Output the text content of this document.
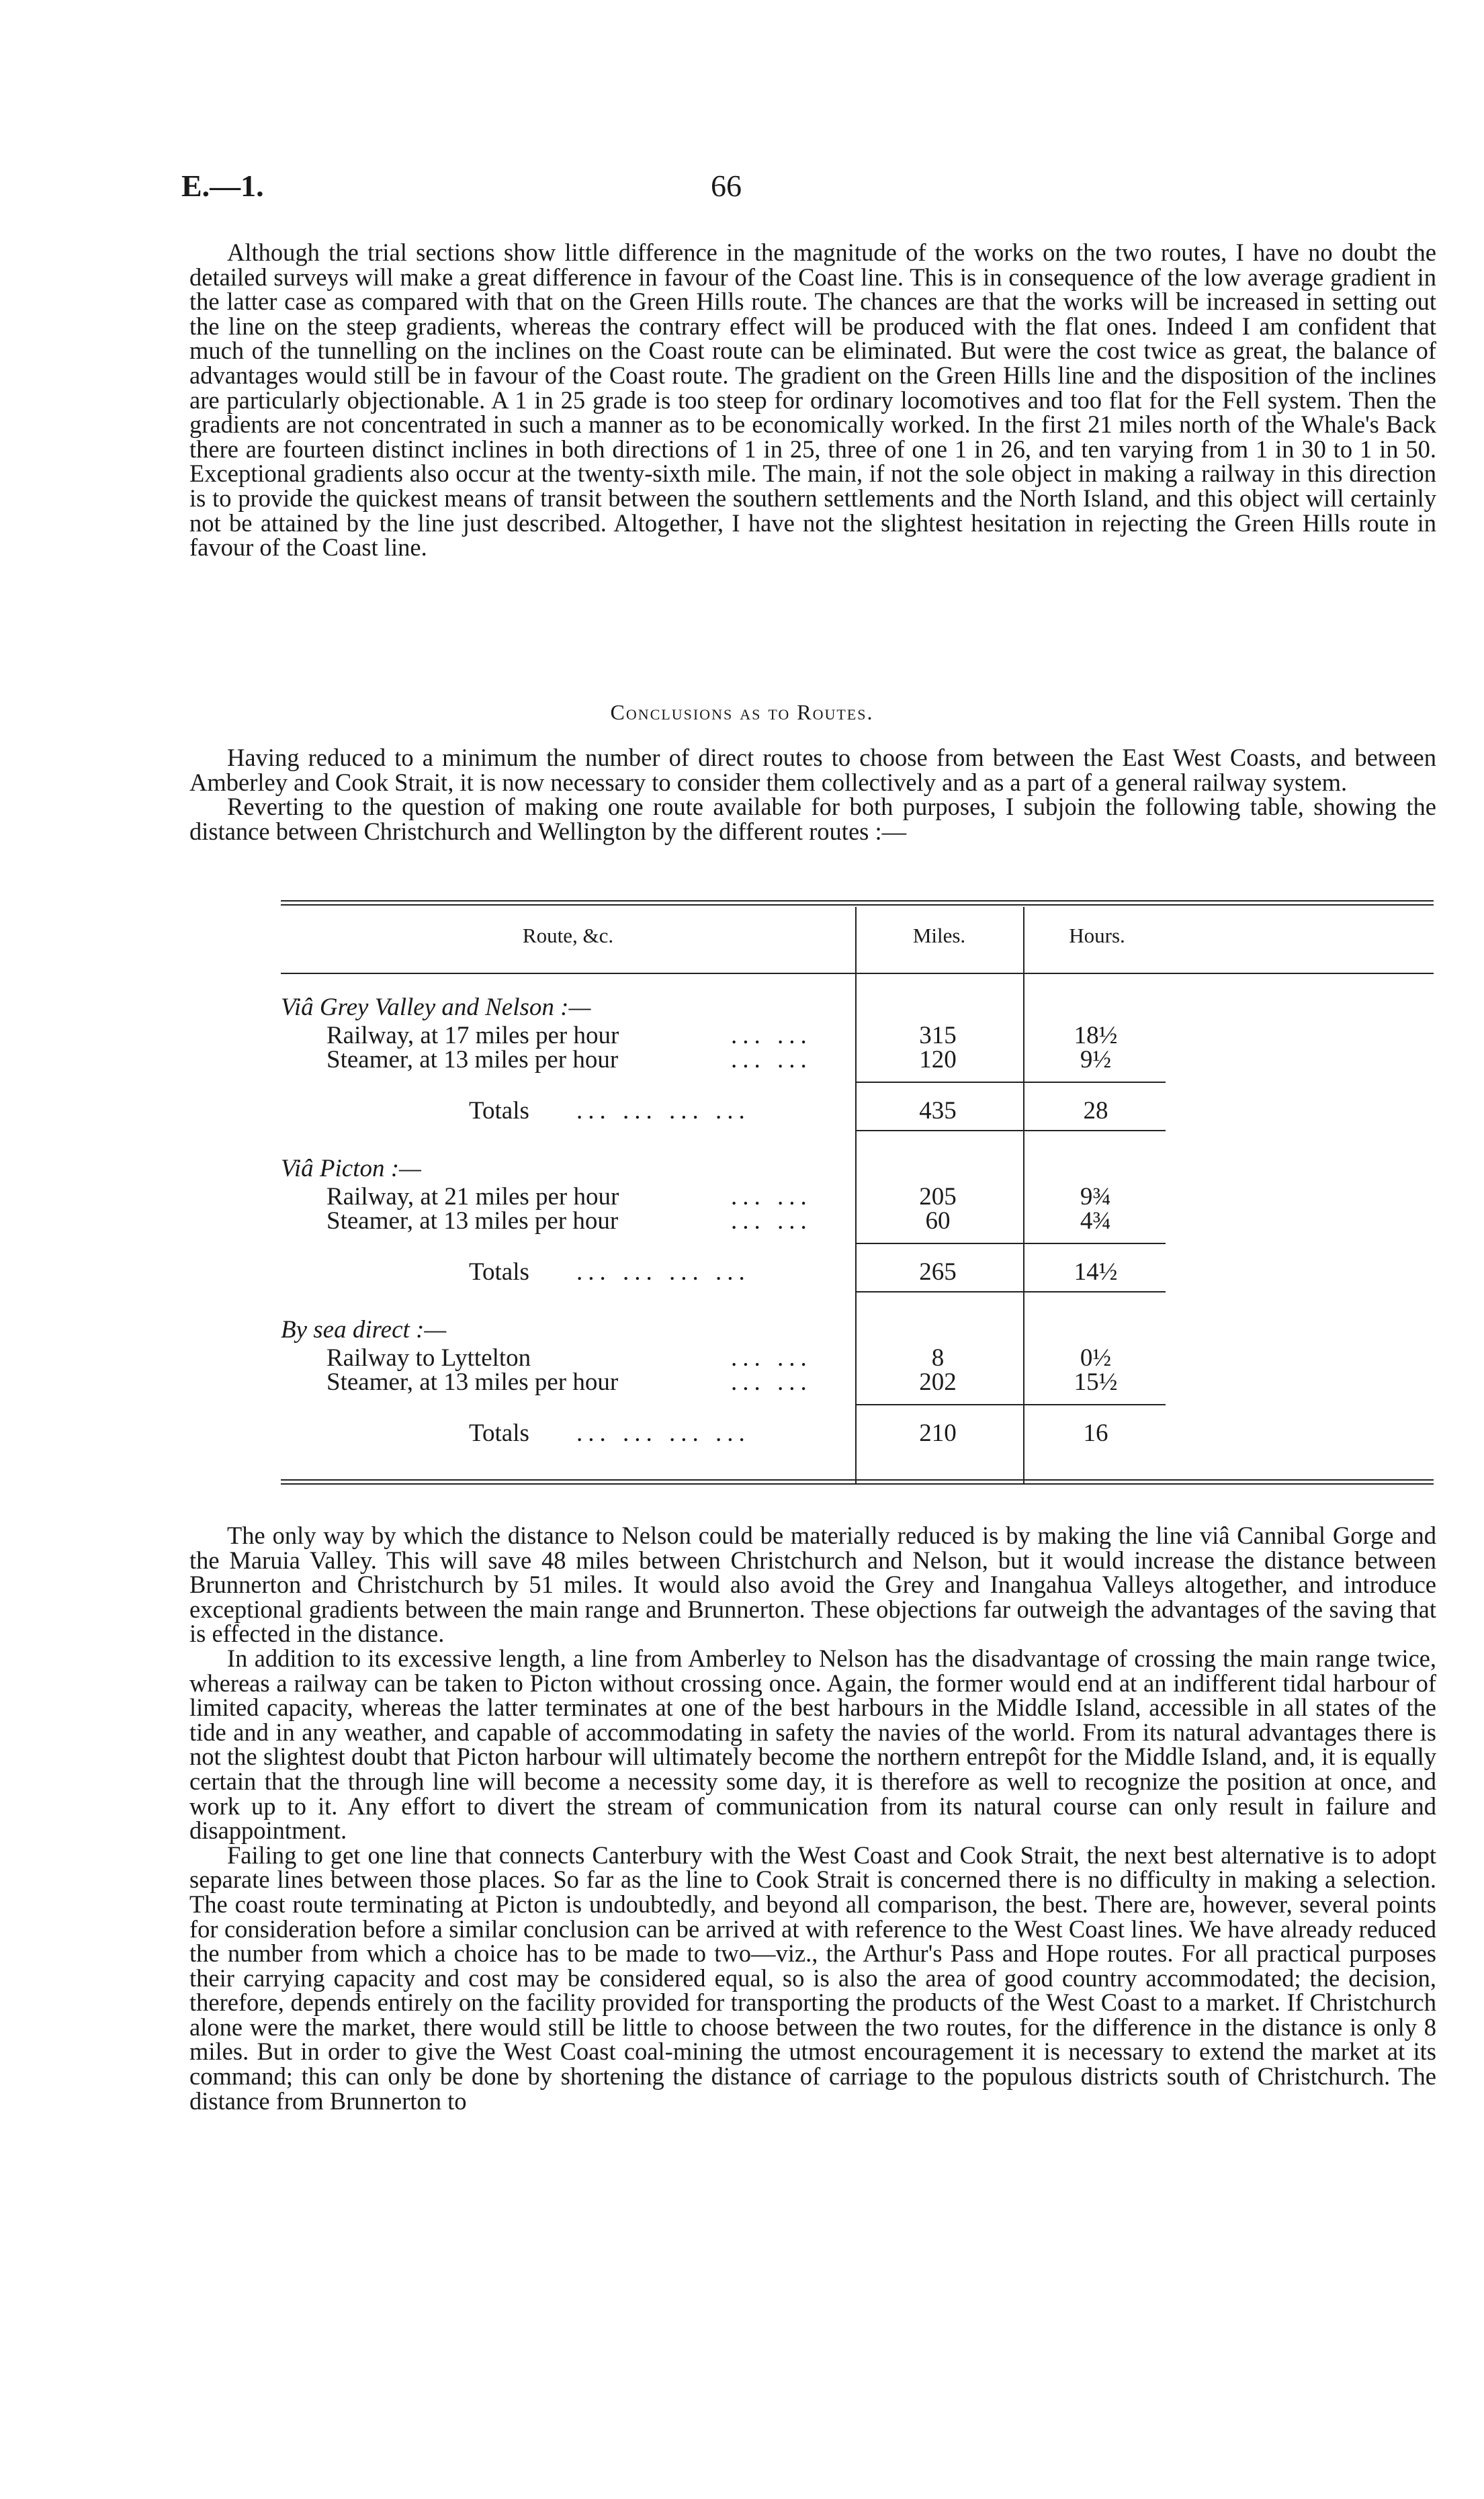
E.—1.	66

Although the trial sections show little difference in the magnitude of the works on the two routes, I have no doubt the detailed surveys will make a great difference in favour of the Coast line. This is in consequence of the low average gradient in the latter case as compared with that on the Green Hills route. The chances are that the works will be increased in setting out the line on the steep gradients, whereas the contrary effect will be produced with the flat ones. Indeed I am confident that much of the tunnelling on the inclines on the Coast route can be eliminated. But were the cost twice as great, the balance of advantages would still be in favour of the Coast route. The gradient on the Green Hills line and the disposition of the inclines are particularly objectionable. A 1 in 25 grade is too steep for ordinary locomotives and too flat for the Fell system. Then the gradients are not concentrated in such a manner as to be economically worked. In the first 21 miles north of the Whale's Back there are fourteen distinct inclines in both directions of 1 in 25, three of one 1 in 26, and ten varying from 1 in 30 to 1 in 50. Exceptional gradients also occur at the twenty-sixth mile. The main, if not the sole object in making a railway in this direction is to provide the quickest means of transit between the southern settlements and the North Island, and this object will certainly not be attained by the line just described. Altogether, I have not the slightest hesitation in rejecting the Green Hills route in favour of the Coast line.

Conclusions as to Routes.

Having reduced to a minimum the number of direct routes to choose from between the East West Coasts, and between Amberley and Cook Strait, it is now necessary to consider them collectively and as a part of a general railway system.

Reverting to the question of making one route available for both purposes, I subjoin the following table, showing the distance between Christchurch and Wellington by the different routes :—

Route, &c.	Miles.	Hours.
Viâ Grey Valley and Nelson :—
Railway, at 17 miles per hour	... ...	315	18½
Steamer, at 13 miles per hour	... ...	120	9½
Totals ... ... ... ...	435	28
Viâ Picton :—
Railway, at 21 miles per hour	... ...	205	9¾
Steamer, at 13 miles per hour	... ...	60	4¾
Totals ... ... ... ...	265	14½
By sea direct :—
Railway to Lyttelton	... ...	8	0½
Steamer, at 13 miles per hour	... ...	202	15½
Totals ... ... ... ...	210	16

The only way by which the distance to Nelson could be materially reduced is by making the line viâ Cannibal Gorge and the Maruia Valley. This will save 48 miles between Christchurch and Nelson, but it would increase the distance between Brunnerton and Christchurch by 51 miles. It would also avoid the Grey and Inangahua Valleys altogether, and introduce exceptional gradients between the main range and Brunnerton. These objections far outweigh the advantages of the saving that is effected in the distance.

In addition to its excessive length, a line from Amberley to Nelson has the disadvantage of crossing the main range twice, whereas a railway can be taken to Picton without crossing once. Again, the former would end at an indifferent tidal harbour of limited capacity, whereas the latter terminates at one of the best harbours in the Middle Island, accessible in all states of the tide and in any weather, and capable of accommodating in safety the navies of the world. From its natural advantages there is not the slightest doubt that Picton harbour will ultimately become the northern entrepôt for the Middle Island, and, it is equally certain that the through line will become a necessity some day, it is therefore as well to recognize the position at once, and work up to it. Any effort to divert the stream of communication from its natural course can only result in failure and disappointment.

Failing to get one line that connects Canterbury with the West Coast and Cook Strait, the next best alternative is to adopt separate lines between those places. So far as the line to Cook Strait is concerned there is no difficulty in making a selection. The coast route terminating at Picton is undoubtedly, and beyond all comparison, the best. There are, however, several points for consideration before a similar conclusion can be arrived at with reference to the West Coast lines. We have already reduced the number from which a choice has to be made to two—viz., the Arthur's Pass and Hope routes. For all practical purposes their carrying capacity and cost may be considered equal, so is also the area of good country accommodated; the decision, therefore, depends entirely on the facility provided for transporting the products of the West Coast to a market. If Christchurch alone were the market, there would still be little to choose between the two routes, for the difference in the distance is only 8 miles. But in order to give the West Coast coal-mining the utmost encouragement it is necessary to extend the market at its command; this can only be done by shortening the distance of carriage to the populous districts south of Christchurch. The distance from Brunnerton to
